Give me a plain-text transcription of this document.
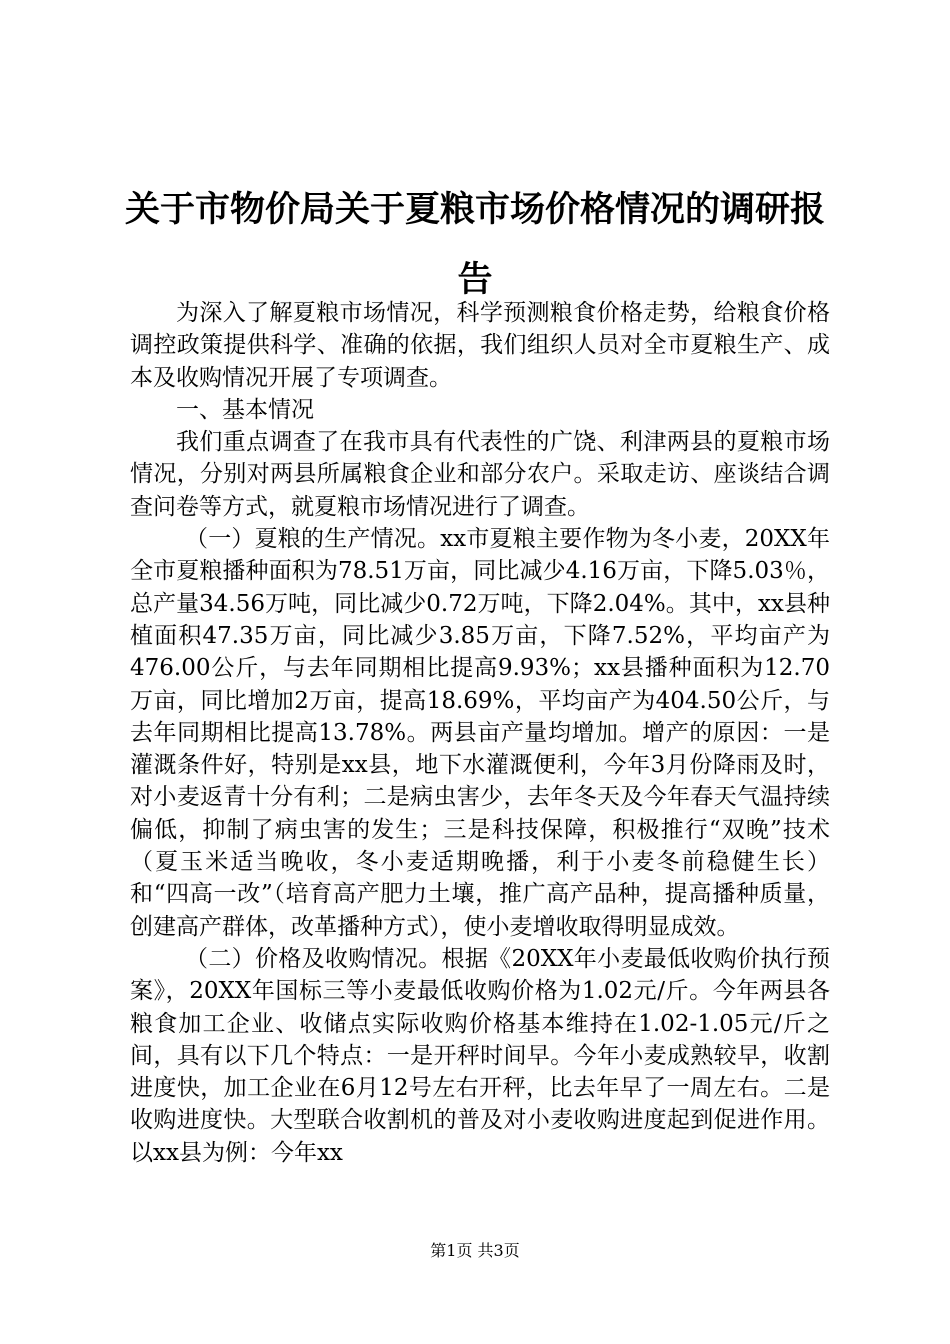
关于市物价局关于夏粮市场价格情况的调研报告

为深入了解夏粮市场情况，科学预测粮食价格走势，给粮食价格调控政策提供科学、准确的依据，我们组织人员对全市夏粮生产、成本及收购情况开展了专项调查。

一、基本情况

我们重点调查了在我市具有代表性的广饶、利津两县的夏粮市场情况，分别对两县所属粮食企业和部分农户。采取走访、座谈结合调查问卷等方式，就夏粮市场情况进行了调查。

（一）夏粮的生产情况。xx市夏粮主要作物为冬小麦，20XX年全市夏粮播种面积为78.51万亩，同比减少4.16万亩，下降5.03％，总产量34.56万吨，同比减少0.72万吨，下降2.04%。其中，xx县种植面积47.35万亩，同比减少3.85万亩，下降7.52%，平均亩产为476.00公斤，与去年同期相比提高9.93%；xx县播种面积为12.70万亩，同比增加2万亩，提高18.69%，平均亩产为404.50公斤，与去年同期相比提高13.78%。两县亩产量均增加。增产的原因：一是灌溉条件好，特别是xx县，地下水灌溉便利，今年3月份降雨及时，对小麦返青十分有利；二是病虫害少，去年冬天及今年春天气温持续偏低，抑制了病虫害的发生；三是科技保障，积极推行“双晚”技术（夏玉米适当晚收，冬小麦适期晚播，利于小麦冬前稳健生长）和“四高一改”（培育高产肥力土壤，推广高产品种，提高播种质量，创建高产群体，改革播种方式），使小麦增收取得明显成效。

（二）价格及收购情况。根据《20XX年小麦最低收购价执行预案》，20XX年国标三等小麦最低收购价格为1.02元/斤。今年两县各粮食加工企业、收储点实际收购价格基本维持在1.02-1.05元/斤之间，具有以下几个特点：一是开秤时间早。今年小麦成熟较早，收割进度快，加工企业在6月12号左右开秤，比去年早了一周左右。二是收购进度快。大型联合收割机的普及对小麦收购进度起到促进作用。以xx县为例：今年xx

第1页 共3页
